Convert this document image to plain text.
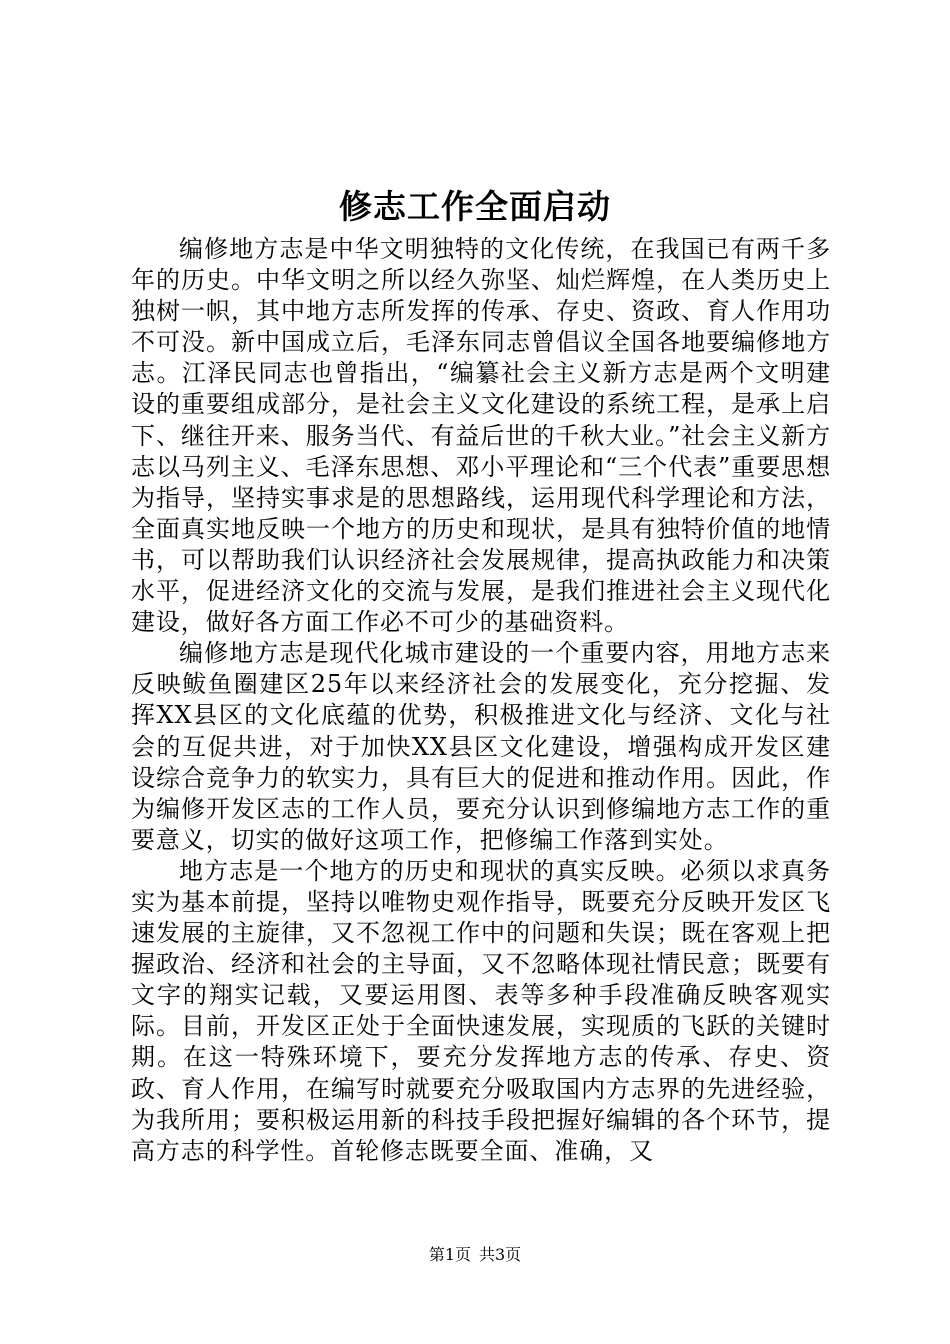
修志工作全面启动

编修地方志是中华文明独特的文化传统，在我国已有两千多年的历史。中华文明之所以经久弥坚、灿烂辉煌，在人类历史上独树一帜，其中地方志所发挥的传承、存史、资政、育人作用功不可没。新中国成立后，毛泽东同志曾倡议全国各地要编修地方志。江泽民同志也曾指出，“编纂社会主义新方志是两个文明建设的重要组成部分，是社会主义文化建设的系统工程，是承上启下、继往开来、服务当代、有益后世的千秋大业。”社会主义新方志以马列主义、毛泽东思想、邓小平理论和“三个代表”重要思想为指导，坚持实事求是的思想路线，运用现代科学理论和方法，全面真实地反映一个地方的历史和现状，是具有独特价值的地情书，可以帮助我们认识经济社会发展规律，提高执政能力和决策水平，促进经济文化的交流与发展，是我们推进社会主义现代化建设，做好各方面工作必不可少的基础资料。

编修地方志是现代化城市建设的一个重要内容，用地方志来反映鲅鱼圈建区25年以来经济社会的发展变化，充分挖掘、发挥XX县区的文化底蕴的优势，积极推进文化与经济、文化与社会的互促共进，对于加快XX县区文化建设，增强构成开发区建设综合竞争力的软实力，具有巨大的促进和推动作用。因此，作为编修开发区志的工作人员，要充分认识到修编地方志工作的重要意义，切实的做好这项工作，把修编工作落到实处。

地方志是一个地方的历史和现状的真实反映。必须以求真务实为基本前提，坚持以唯物史观作指导，既要充分反映开发区飞速发展的主旋律，又不忽视工作中的问题和失误；既在客观上把握政治、经济和社会的主导面，又不忽略体现社情民意；既要有文字的翔实记载，又要运用图、表等多种手段准确反映客观实际。目前，开发区正处于全面快速发展，实现质的飞跃的关键时期。在这一特殊环境下，要充分发挥地方志的传承、存史、资政、育人作用，在编写时就要充分吸取国内方志界的先进经验，为我所用；要积极运用新的科技手段把握好编辑的各个环节，提高方志的科学性。首轮修志既要全面、准确，又

第1页 共3页
